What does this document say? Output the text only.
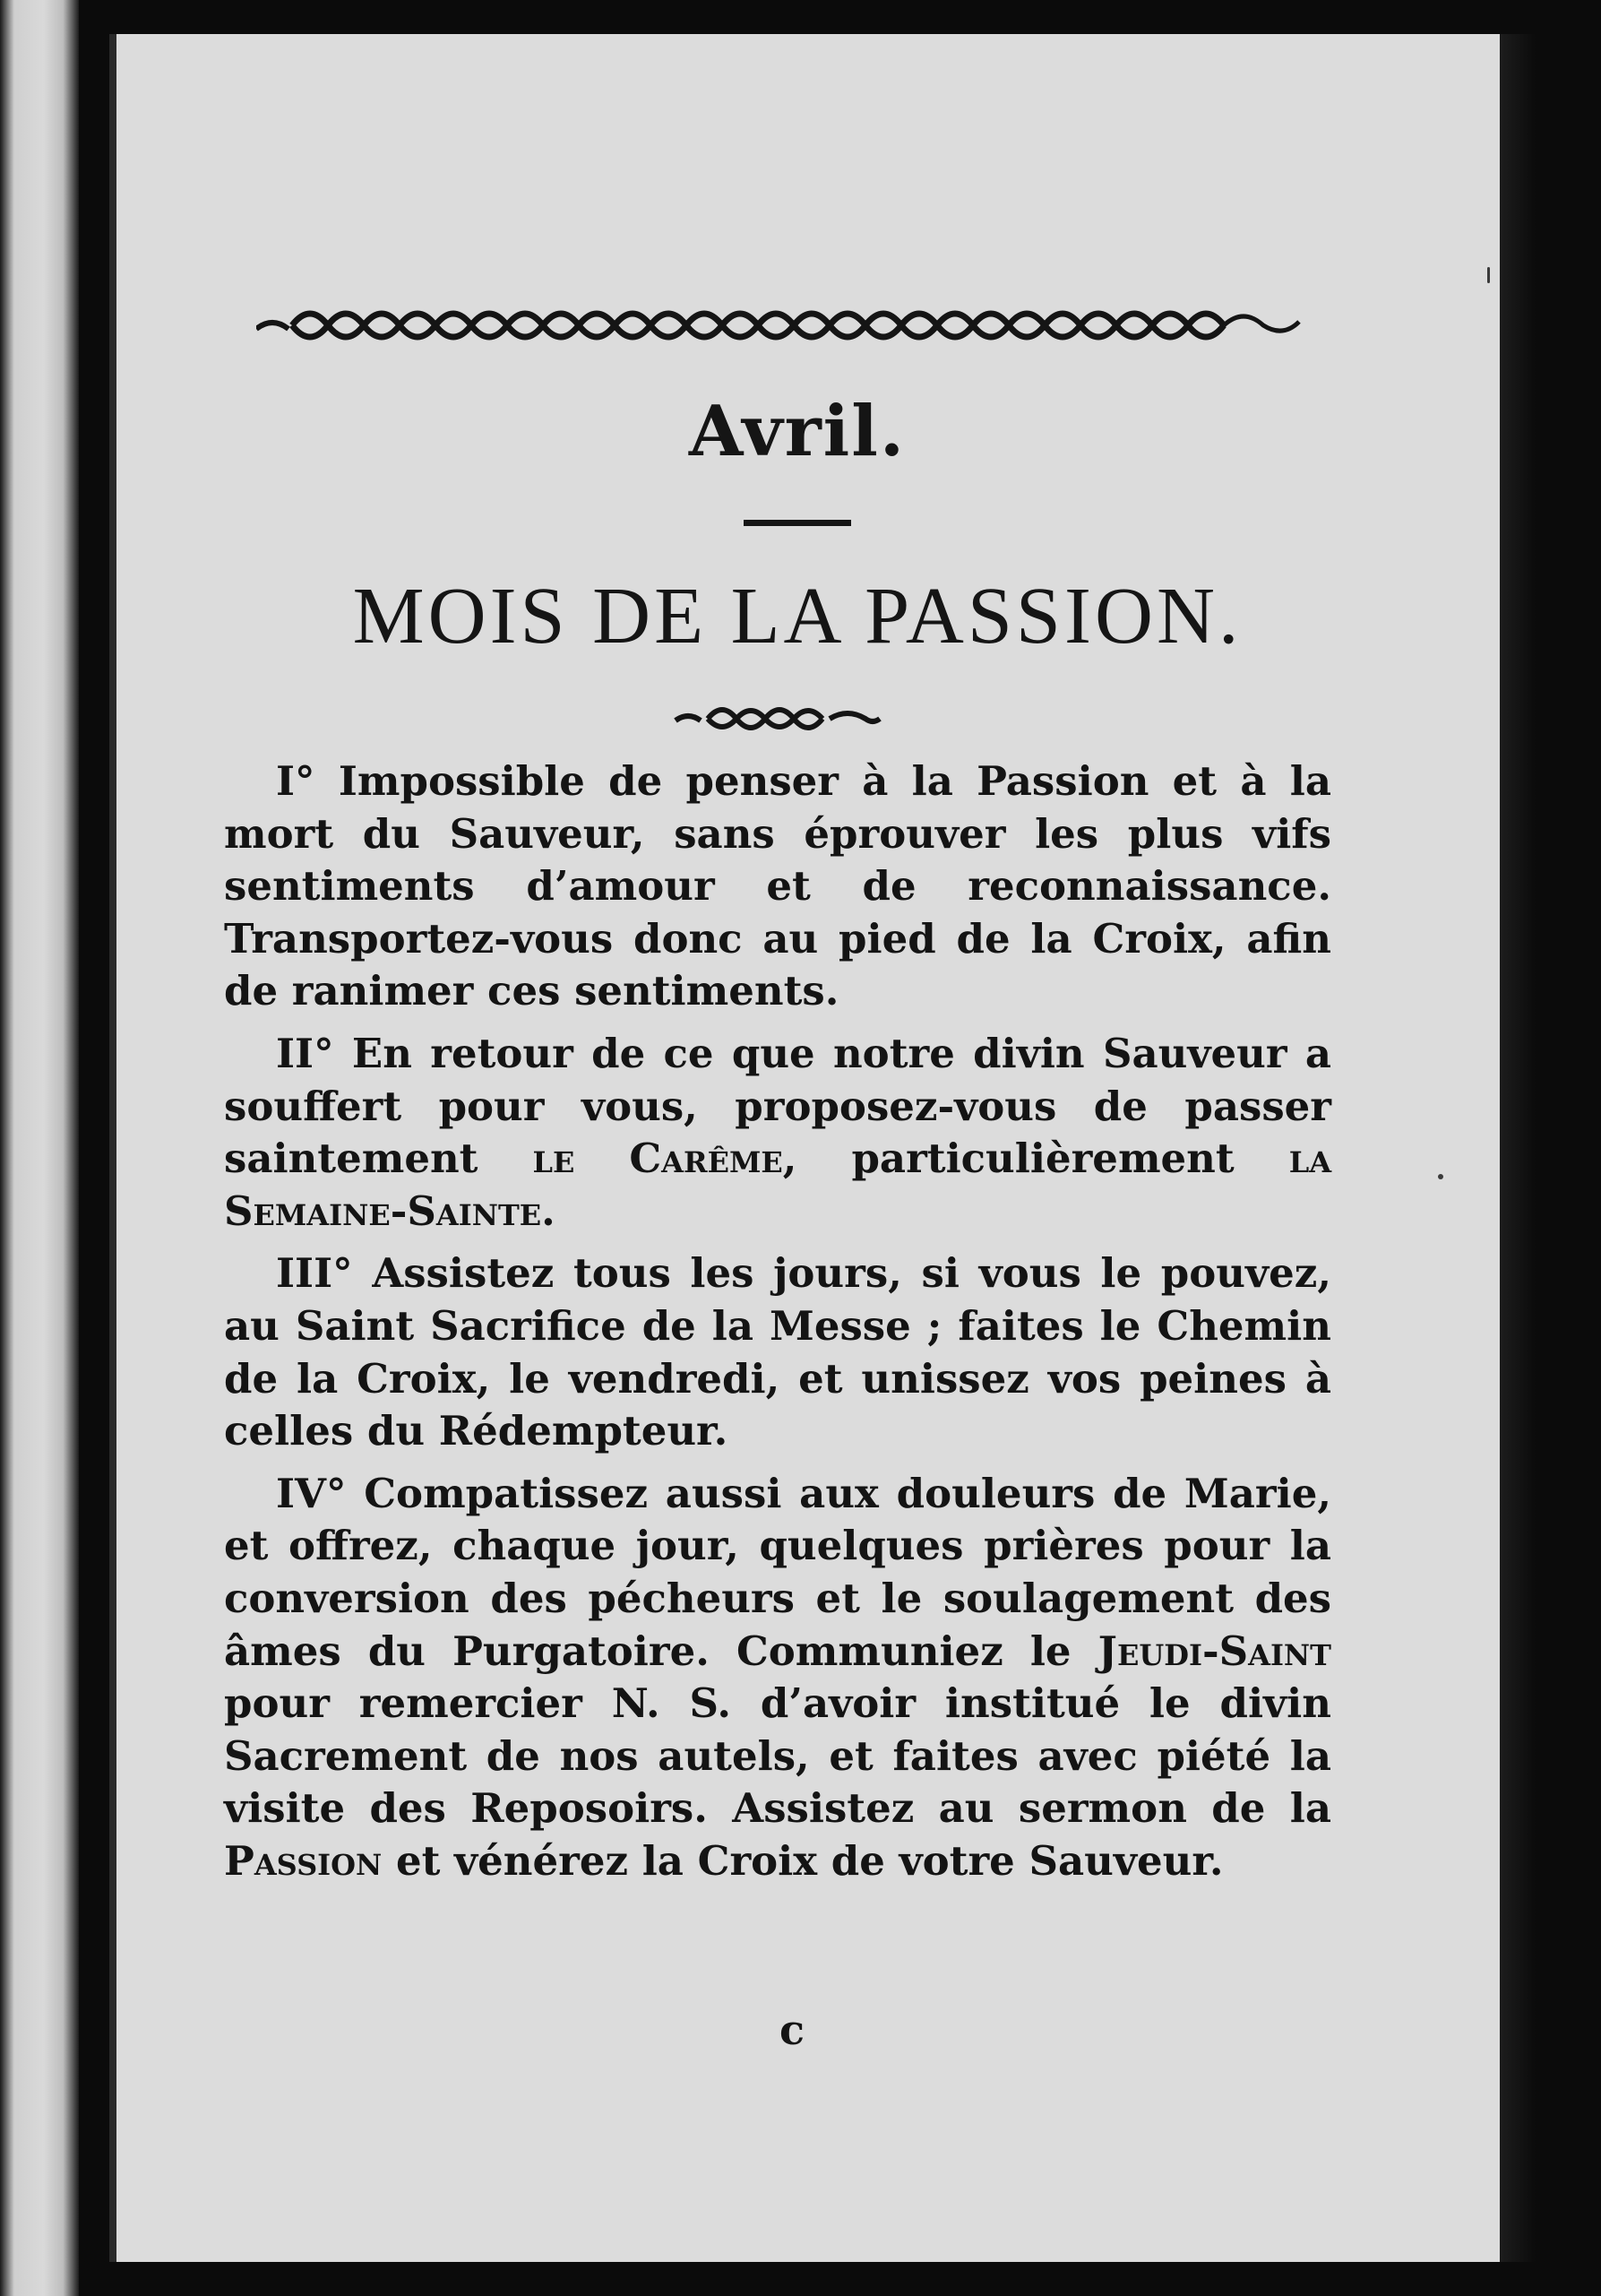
Avril.
MOIS DE LA PASSION.

I° Impossible de penser à la Passion et à la mort du Sauveur, sans éprouver les plus vifs sentiments d’amour et de reconnaissance. Transportez-vous donc au pied de la Croix, afin de ranimer ces sentiments.

II° En retour de ce que notre divin Sauveur a souffert pour vous, proposez-vous de passer saintement le Carême, particulièrement la Semaine-Sainte.

III° Assistez tous les jours, si vous le pouvez, au Saint Sacrifice de la Messe ; faites le Chemin de la Croix, le vendredi, et unissez vos peines à celles du Rédempteur.

IV° Compatissez aussi aux douleurs de Marie, et offrez, chaque jour, quelques prières pour la conversion des pécheurs et le soulagement des âmes du Purgatoire. Communiez le Jeudi-Saint pour remercier N. S. d’avoir institué le divin Sacrement de nos autels, et faites avec piété la visite des Reposoirs. Assistez au sermon de la Passion et vénérez la Croix de votre Sauveur.

c
